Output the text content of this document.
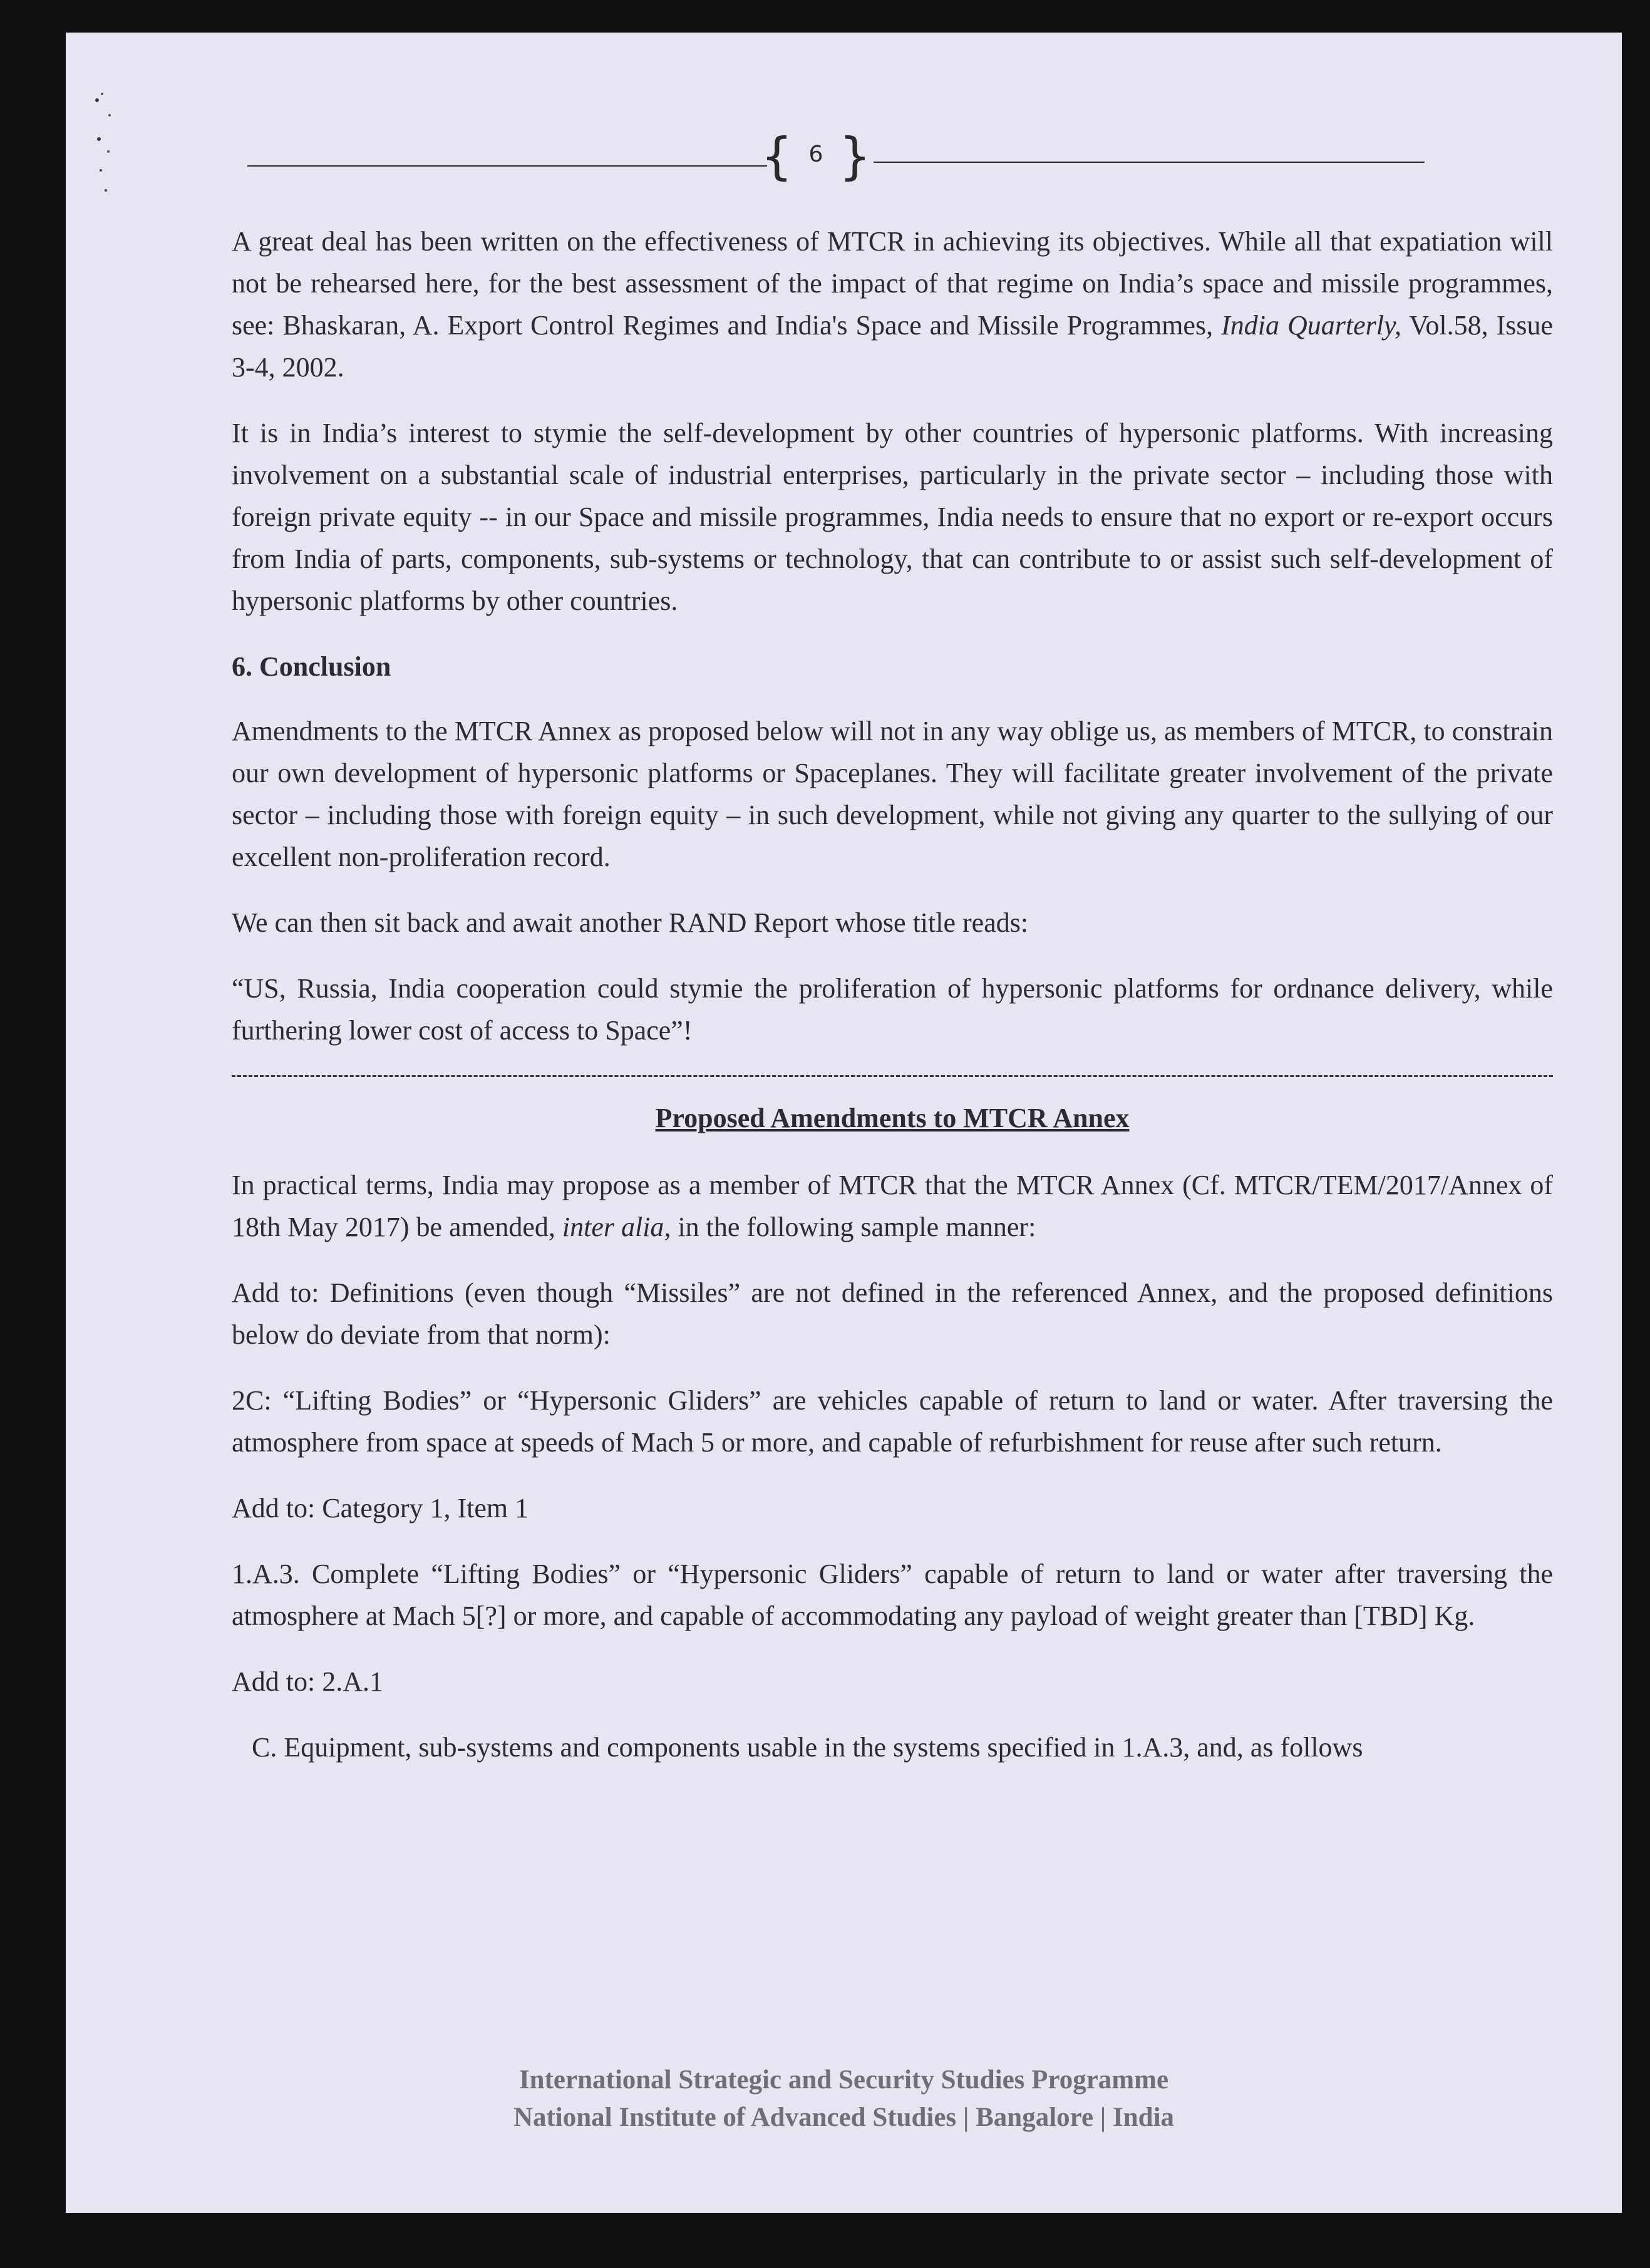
{ 6 }

A great deal has been written on the effectiveness of MTCR in achieving its objectives. While all that expatiation will not be rehearsed here, for the best assessment of the impact of that regime on India’s space and missile programmes, see: Bhaskaran, A. Export Control Regimes and India's Space and Missile Programmes, India Quarterly, Vol.58, Issue 3-4, 2002.

It is in India’s interest to stymie the self-development by other countries of hypersonic platforms. With increasing involvement on a substantial scale of industrial enterprises, particularly in the private sector – including those with foreign private equity -- in our Space and missile programmes, India needs to ensure that no export or re-export occurs from India of parts, components, sub-systems or technology, that can contribute to or assist such self-development of hypersonic platforms by other countries.

6. Conclusion

Amendments to the MTCR Annex as proposed below will not in any way oblige us, as members of MTCR, to constrain our own development of hypersonic platforms or Spaceplanes. They will facilitate greater involvement of the private sector – including those with foreign equity – in such development, while not giving any quarter to the sullying of our excellent non-proliferation record.

We can then sit back and await another RAND Report whose title reads:

“US, Russia, India cooperation could stymie the proliferation of hypersonic platforms for ordnance delivery, while furthering lower cost of access to Space”!

Proposed Amendments to MTCR Annex

In practical terms, India may propose as a member of MTCR that the MTCR Annex (Cf. MTCR/TEM/2017/Annex of 18th May 2017) be amended, inter alia, in the following sample manner:

Add to: Definitions (even though “Missiles” are not defined in the referenced Annex, and the proposed definitions below do deviate from that norm):

2C: “Lifting Bodies” or “Hypersonic Gliders” are vehicles capable of return to land or water. After traversing the atmosphere from space at speeds of Mach 5 or more, and capable of refurbishment for reuse after such return.

Add to: Category 1, Item 1

1.A.3. Complete “Lifting Bodies” or “Hypersonic Gliders” capable of return to land or water after traversing the atmosphere at Mach 5[?] or more, and capable of accommodating any payload of weight greater than [TBD] Kg.

Add to: 2.A.1

C. Equipment, sub-systems and components usable in the systems specified in 1.A.3, and, as follows

International Strategic and Security Studies Programme
National Institute of Advanced Studies | Bangalore | India
